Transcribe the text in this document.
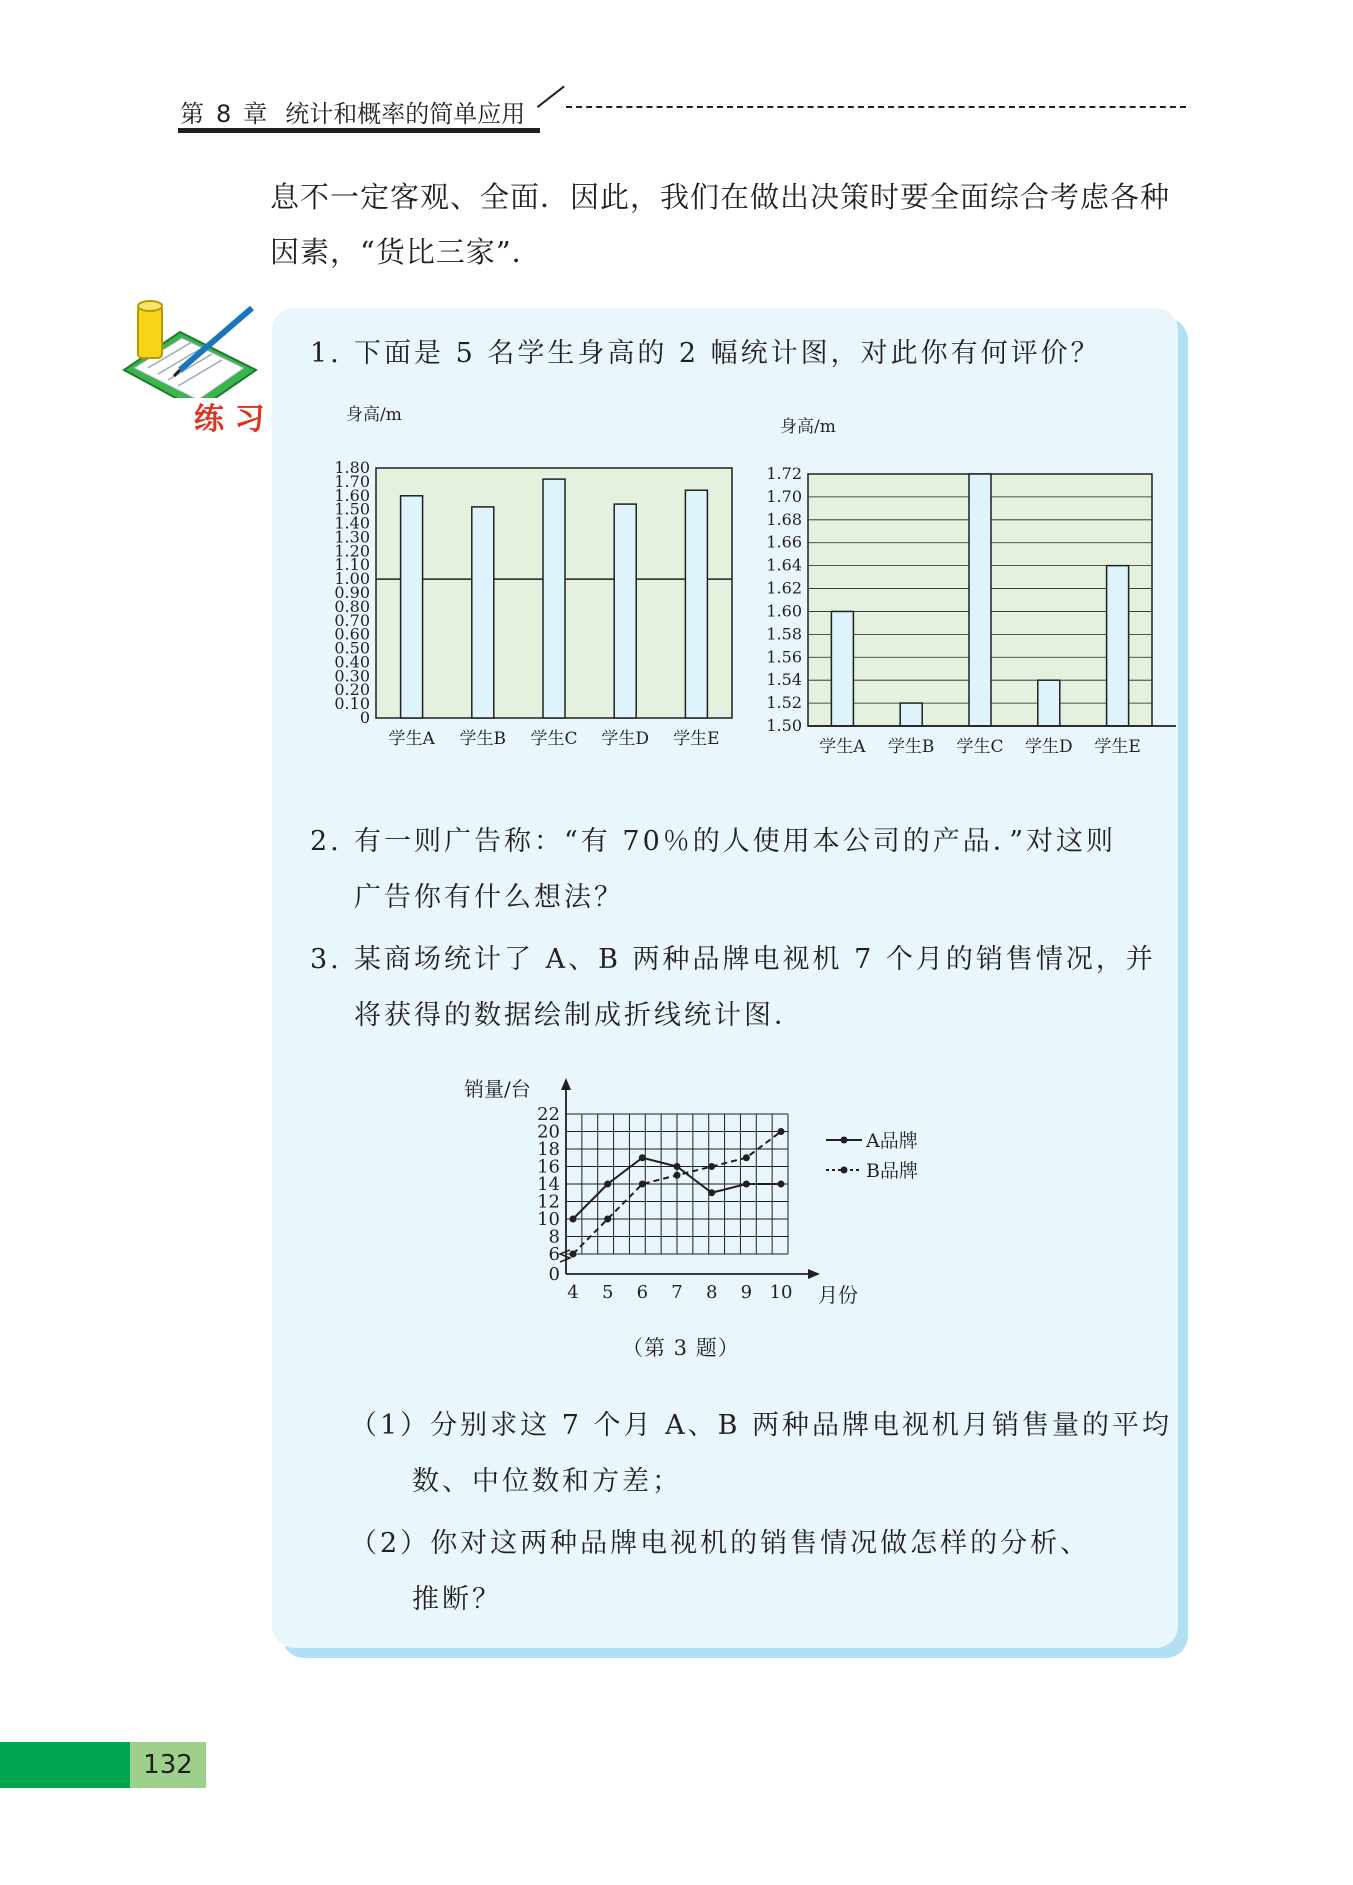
第 8 章 统计和概率的简单应用
息不一定客观、全面．因此，我们在做出决策时要全面综合考虑各种
因素，“货比三家”．
练 习
1. 下面是 5 名学生身高的 2 幅统计图，对此你有何评价？
身高/m
0
0.10
0.20
0.30
0.40
0.50
0.60
0.70
0.80
0.90
1.00
1.10
1.20
1.30
1.40
1.50
1.60
1.70
1.80
学生A 学生B 学生C 学生D 学生E
身高/m
1.50
1.52
1.54
1.56
1.58
1.60
1.62
1.64
1.66
1.68
1.70
1.72
学生A 学生B 学生C 学生D 学生E
2. 有一则广告称：“有 70％的人使用本公司的产品．”对这则
广告你有什么想法？
3. 某商场统计了 A、B 两种品牌电视机 7 个月的销售情况，并
将获得的数据绘制成折线统计图．
销量/台
0
6
8
10
12
14
16
18
20
22
4 5 6 7 8 9 10 月份
A品牌
B品牌
（第 3 题）
（1）分别求这 7 个月 A、B 两种品牌电视机月销售量的平均
数、中位数和方差；
（2）你对这两种品牌电视机的销售情况做怎样的分析、
推断？
132
